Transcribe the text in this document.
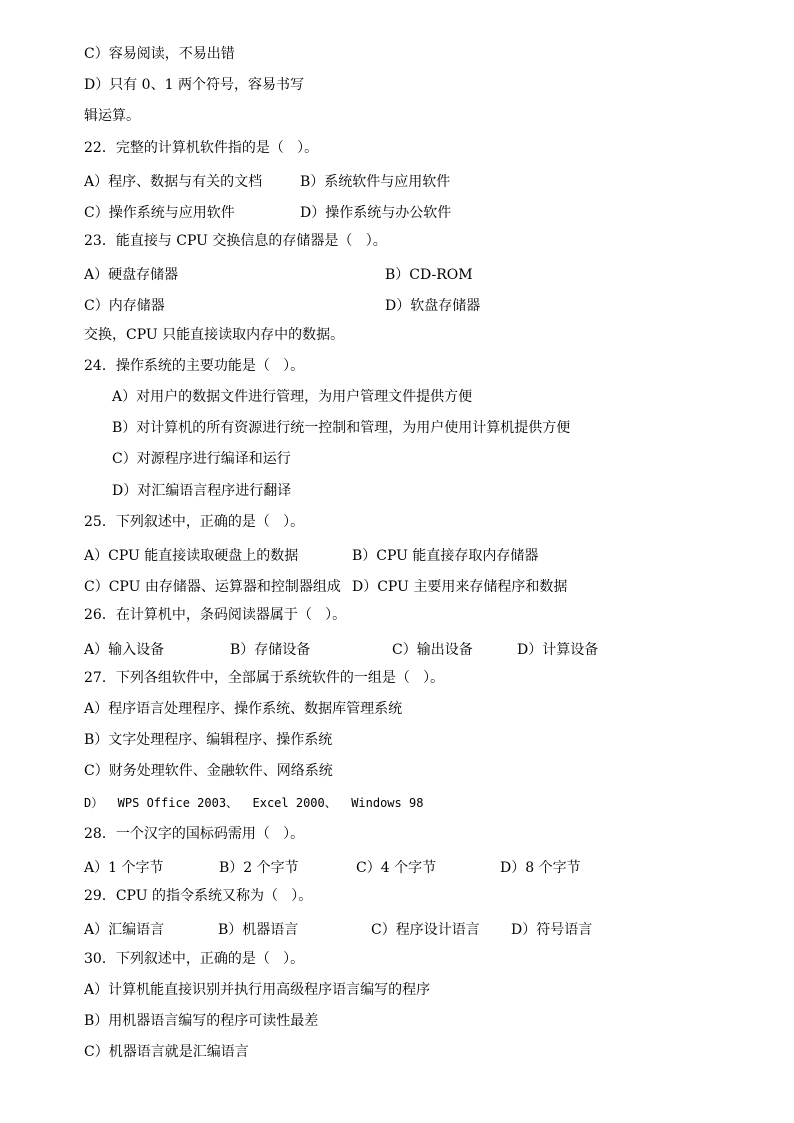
C）容易阅读，不易出错
D）只有 0、1 两个符号，容易书写
辑运算。
22．完整的计算机软件指的是（   ）。
A）程序、数据与有关的文档	B）系统软件与应用软件
C）操作系统与应用软件	D）操作系统与办公软件
23．能直接与 CPU 交换信息的存储器是（   ）。
A）硬盘存储器	B）CD-ROM
C）内存储器	D）软盘存储器
交换，CPU 只能直接读取内存中的数据。
24．操作系统的主要功能是（   ）。
A）对用户的数据文件进行管理，为用户管理文件提供方便
B）对计算机的所有资源进行统一控制和管理，为用户使用计算机提供方便
C）对源程序进行编译和运行
D）对汇编语言程序进行翻译
25．下列叙述中，正确的是（   ）。
A）CPU 能直接读取硬盘上的数据	B）CPU 能直接存取内存储器
C）CPU 由存储器、运算器和控制器组成 D）CPU 主要用来存储程序和数据
26．在计算机中，条码阅读器属于（   ）。
A）输入设备	B）存储设备	C）输出设备	D）计算设备
27．下列各组软件中，全部属于系统软件的一组是（   ）。
A）程序语言处理程序、操作系统、数据库管理系统
B）文字处理程序、编辑程序、操作系统
C）财务处理软件、金融软件、网络系统
D）  WPS Office 2003、  Excel 2000、  Windows 98
28．一个汉字的国标码需用（   ）。
A）1 个字节	B）2 个字节	C）4 个字节	D）8 个字节
29．CPU 的指令系统又称为（   ）。
A）汇编语言	B）机器语言	C）程序设计语言 D）符号语言
30．下列叙述中，正确的是（   ）。
A）计算机能直接识别并执行用高级程序语言编写的程序
B）用机器语言编写的程序可读性最差
C）机器语言就是汇编语言
